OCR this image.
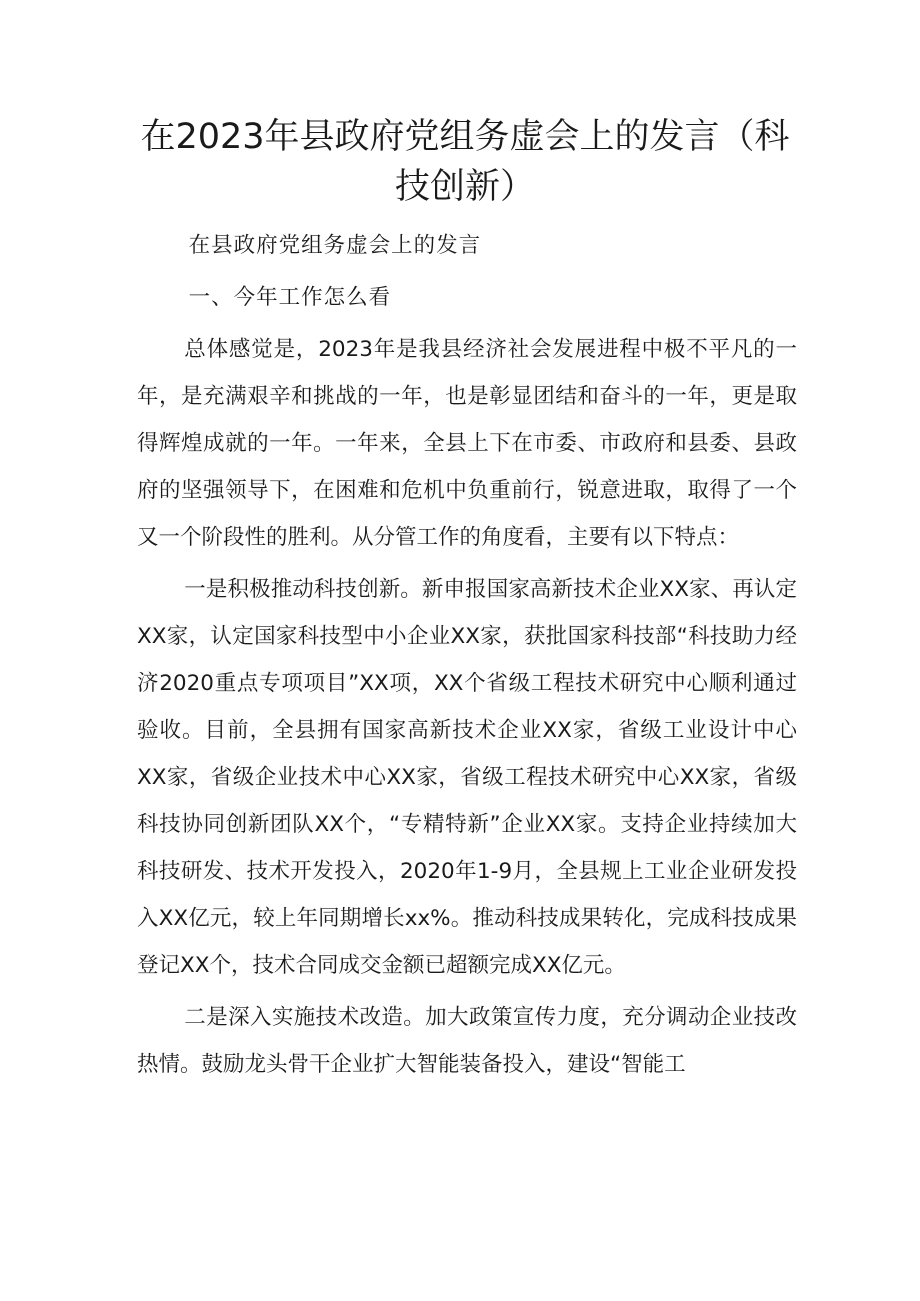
在2023年县政府党组务虚会上的发言（科技创新）

在县政府党组务虚会上的发言

一、今年工作怎么看

总体感觉是，2023年是我县经济社会发展进程中极不平凡的一年，是充满艰辛和挑战的一年，也是彰显团结和奋斗的一年，更是取得辉煌成就的一年。一年来，全县上下在市委、市政府和县委、县政府的坚强领导下，在困难和危机中负重前行，锐意进取，取得了一个又一个阶段性的胜利。从分管工作的角度看，主要有以下特点：

一是积极推动科技创新。新申报国家高新技术企业XX家、再认定XX家，认定国家科技型中小企业XX家，获批国家科技部“科技助力经济2020重点专项项目”XX项，XX个省级工程技术研究中心顺利通过验收。目前，全县拥有国家高新技术企业XX家，省级工业设计中心XX家，省级企业技术中心XX家，省级工程技术研究中心XX家，省级科技协同创新团队XX个，“专精特新”企业XX家。支持企业持续加大科技研发、技术开发投入，2020年1-9月，全县规上工业企业研发投入XX亿元，较上年同期增长xx%。推动科技成果转化，完成科技成果登记XX个，技术合同成交金额已超额完成XX亿元。

二是深入实施技术改造。加大政策宣传力度，充分调动企业技改热情。鼓励龙头骨干企业扩大智能装备投入，建设“智能工
